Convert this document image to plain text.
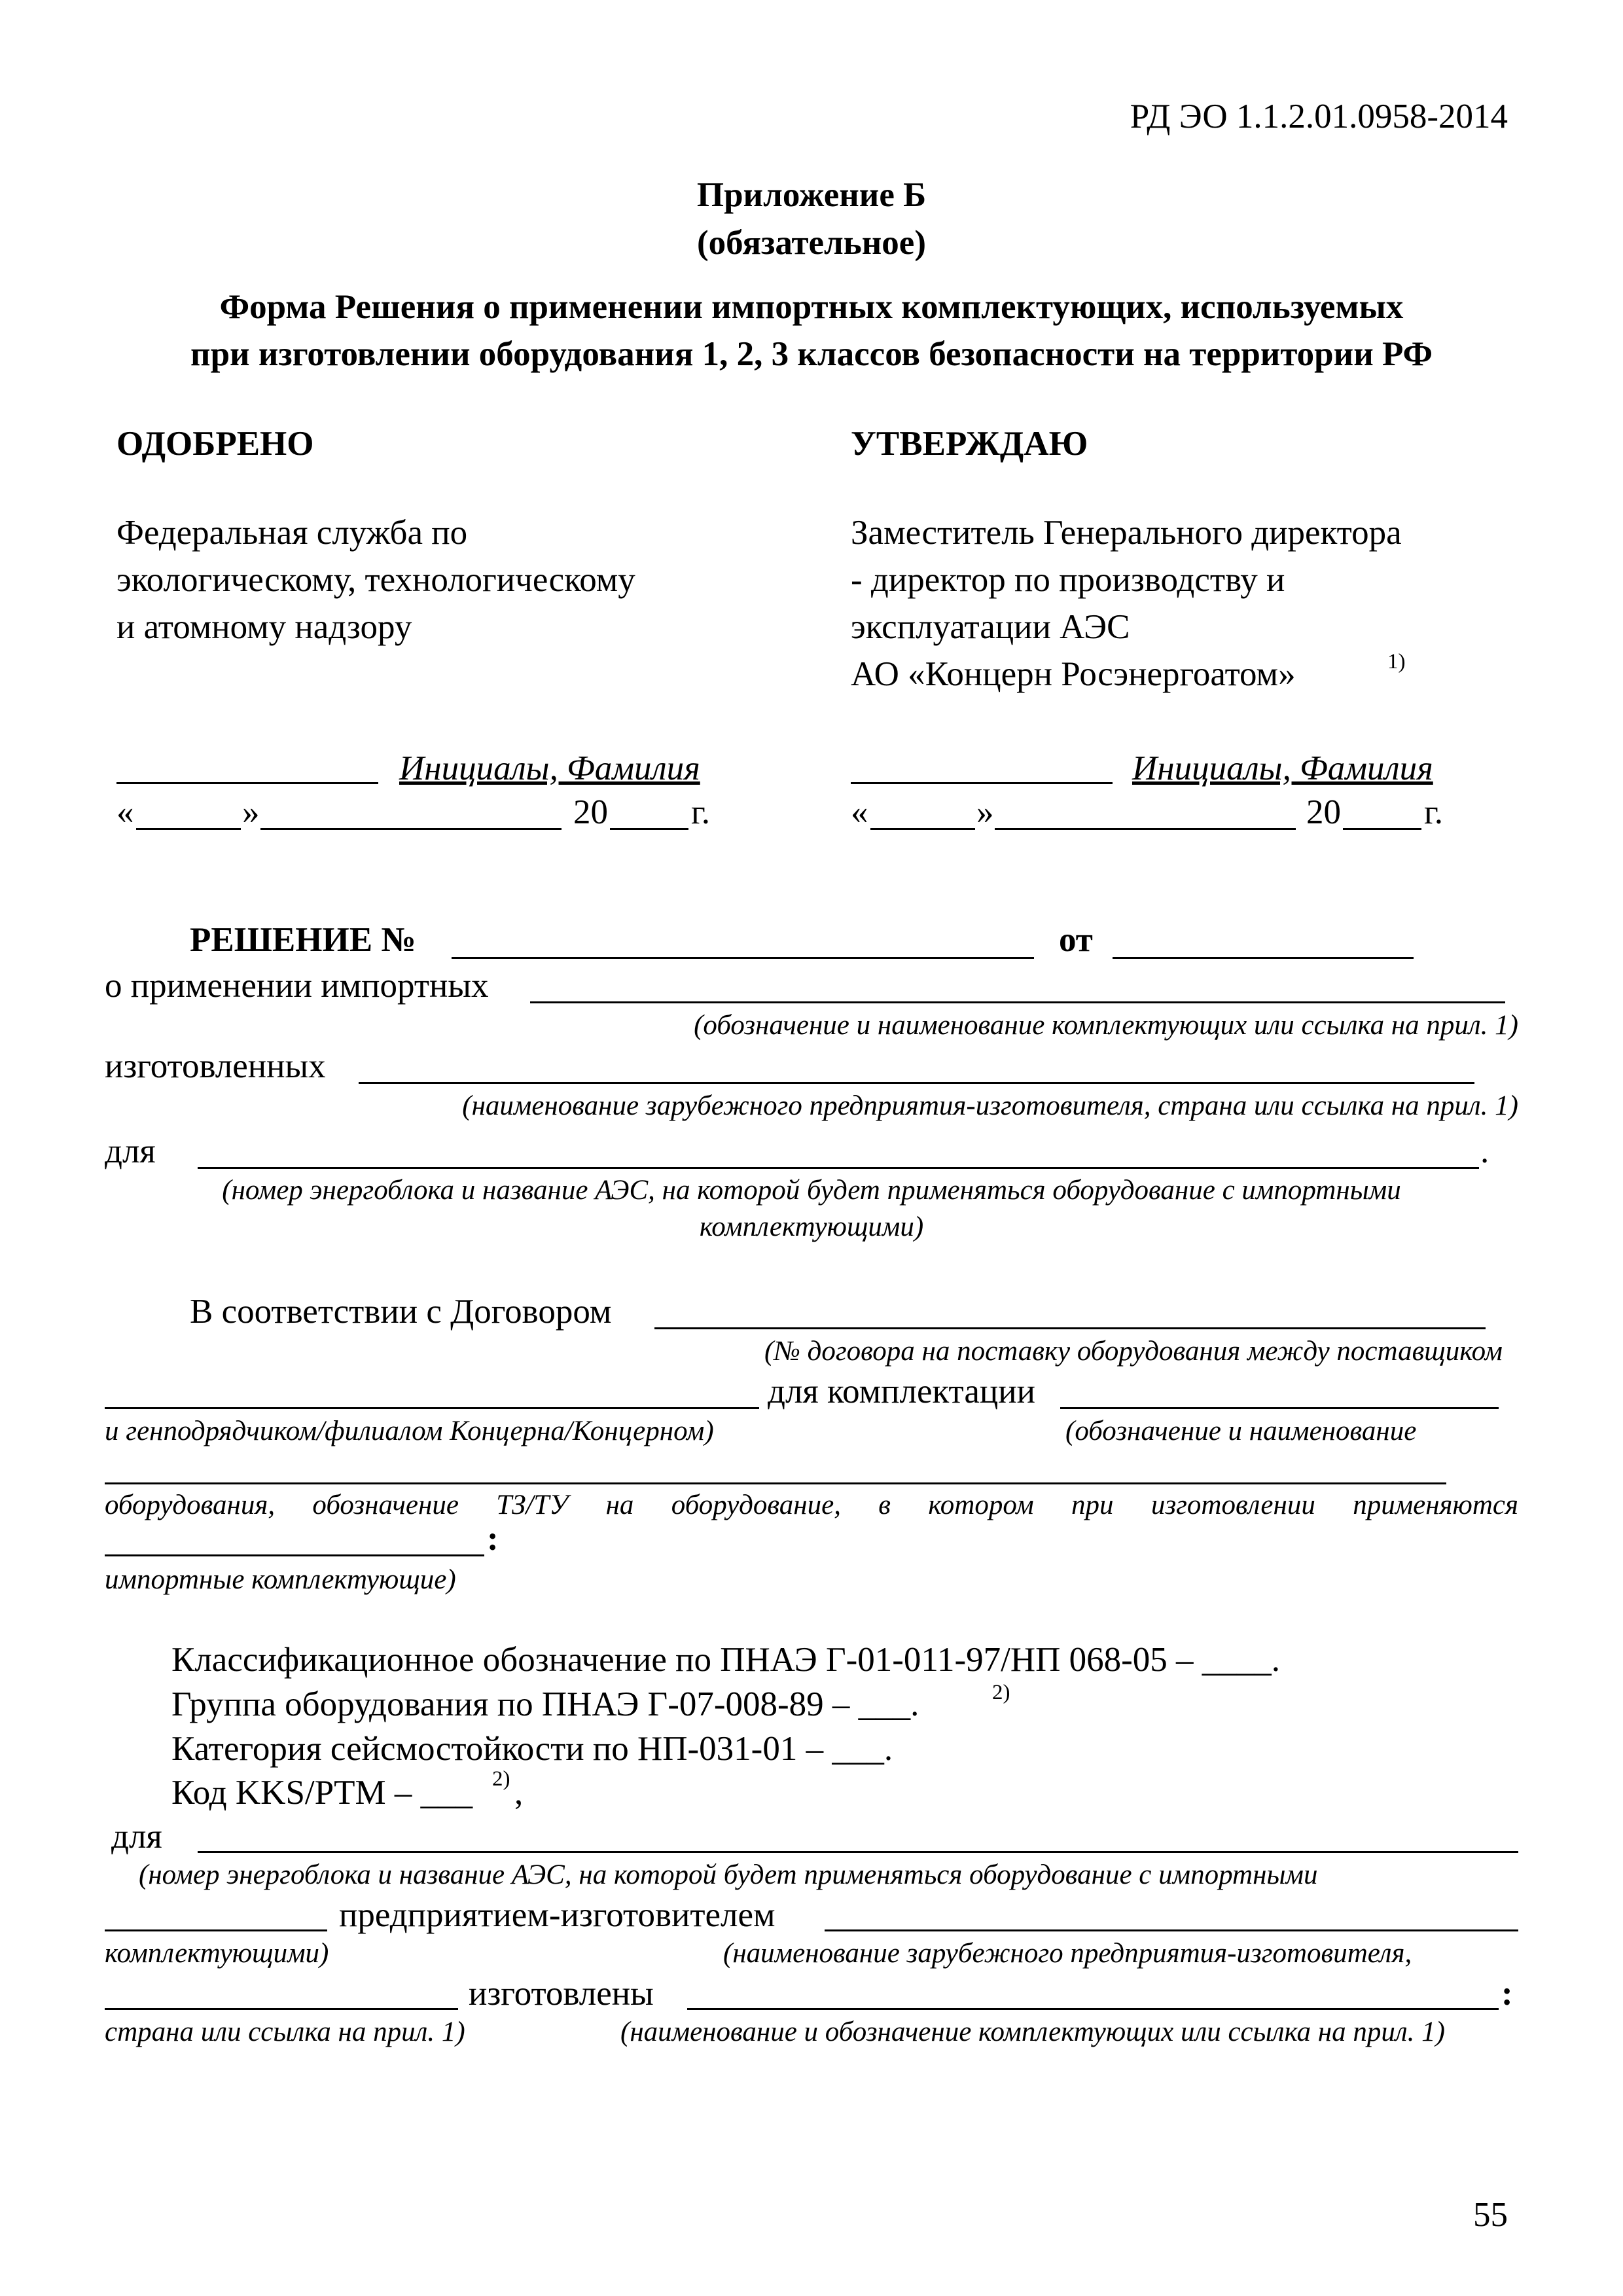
РД ЭО 1.1.2.01.0958-2014
Приложение Б
(обязательное)
Форма Решения о применении импортных комплектующих, используемых
при изготовлении оборудования 1, 2, 3 классов безопасности на территории РФ
ОДОБРЕНО
Федеральная служба по
экологическому, технологическому
и атомному надзору
Инициалы, Фамилия
«	»	20 г.
УТВЕРЖДАЮ
Заместитель Генерального директора
- директор по производству и
эксплуатации АЭС
АО «Концерн Росэнергоатом»	1)
Инициалы, Фамилия
«	»	20 г.
РЕШЕНИЕ №	от
о применении импортных
(обозначение и наименование комплектующих или ссылка на прил. 1)
изготовленных
(наименование зарубежного предприятия-изготовителя, страна или ссылка на прил. 1)
для	.
(номер энергоблока и название АЭС, на которой будет применяться оборудование с импортными
комплектующими)
В соответствии с Договором
(№ договора на поставку оборудования между поставщиком
для комплектации
и генподрядчиком/филиалом Концерна/Концерном)	(обозначение и наименование
оборудования, обозначение ТЗ/ТУ на оборудование, в котором при изготовлении применяются
:
импортные комплектующие)
Классификационное обозначение по ПНАЭ Г-01-011-97/НП 068-05 – ____.
Группа оборудования по ПНАЭ Г-07-008-89 – ___.	2)
Категория сейсмостойкости по НП-031-01 – ___.
Код KKS/PTM – ___ 2) ,
для
(номер энергоблока и название АЭС, на которой будет применяться оборудование с импортными
предприятием-изготовителем
комплектующими)	(наименование зарубежного предприятия-изготовителя,
изготовлены	:
страна или ссылка на прил. 1)	(наименование и обозначение комплектующих или ссылка на прил. 1)
55
